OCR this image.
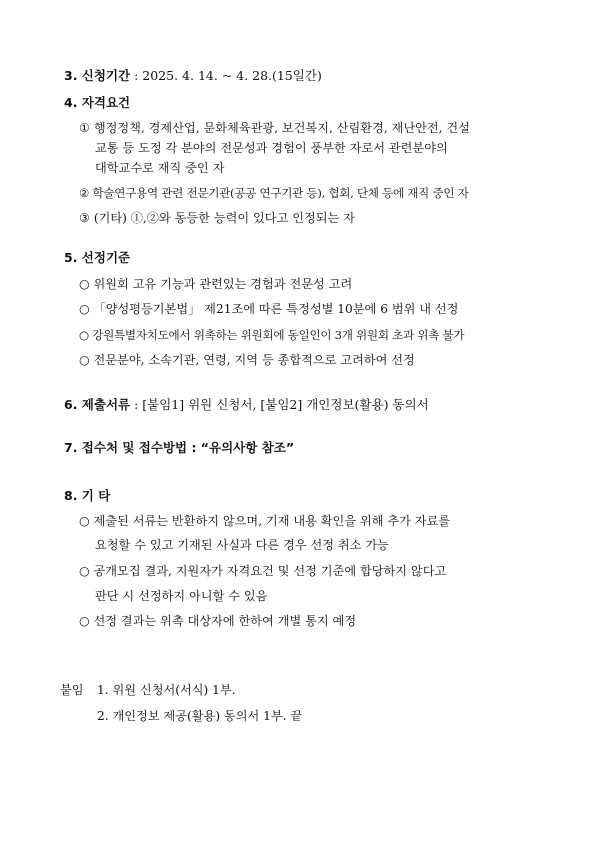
3. 신청기간 : 2025. 4. 14. ~ 4. 28.(15일간)
4. 자격요건
① 행정정책, 경제산업, 문화체육관광, 보건복지, 산림환경, 재난안전, 건설
교통 등 도정 각 분야의 전문성과 경험이 풍부한 자로서 관련분야의
대학교수로 재직 중인 자
② 학술연구용역 관련 전문기관(공공 연구기관 등), 협회, 단체 등에 재직 중인 자
③ (기타) ①,②와 동등한 능력이 있다고 인정되는 자
5. 선정기준
○ 위원회 고유 기능과 관련있는 경험과 전문성 고려
○ 「양성평등기본법」 제21조에 따른 특정성별 10분에 6 범위 내 선정
○ 강원특별자치도에서 위촉하는 위원회에 동일인이 3개 위원회 초과 위촉 불가
○ 전문분야, 소속기관, 연령, 지역 등 종합적으로 고려하여 선정
6. 제출서류 : [붙임1] 위원 신청서, [붙임2] 개인정보(활용) 동의서
7. 접수처 및 접수방법 : “유의사항 참조”
8. 기 타
○ 제출된 서류는 반환하지 않으며, 기재 내용 확인을 위해 추가 자료를
요청할 수 있고 기재된 사실과 다른 경우 선정 취소 가능
○ 공개모집 결과, 지원자가 자격요건 및 선정 기준에 합당하지 않다고
판단 시 선정하지 아니할 수 있음
○ 선정 결과는 위촉 대상자에 한하여 개별 통지 예정
붙임 1. 위원 신청서(서식) 1부.
2. 개인정보 제공(활용) 동의서 1부. 끝
